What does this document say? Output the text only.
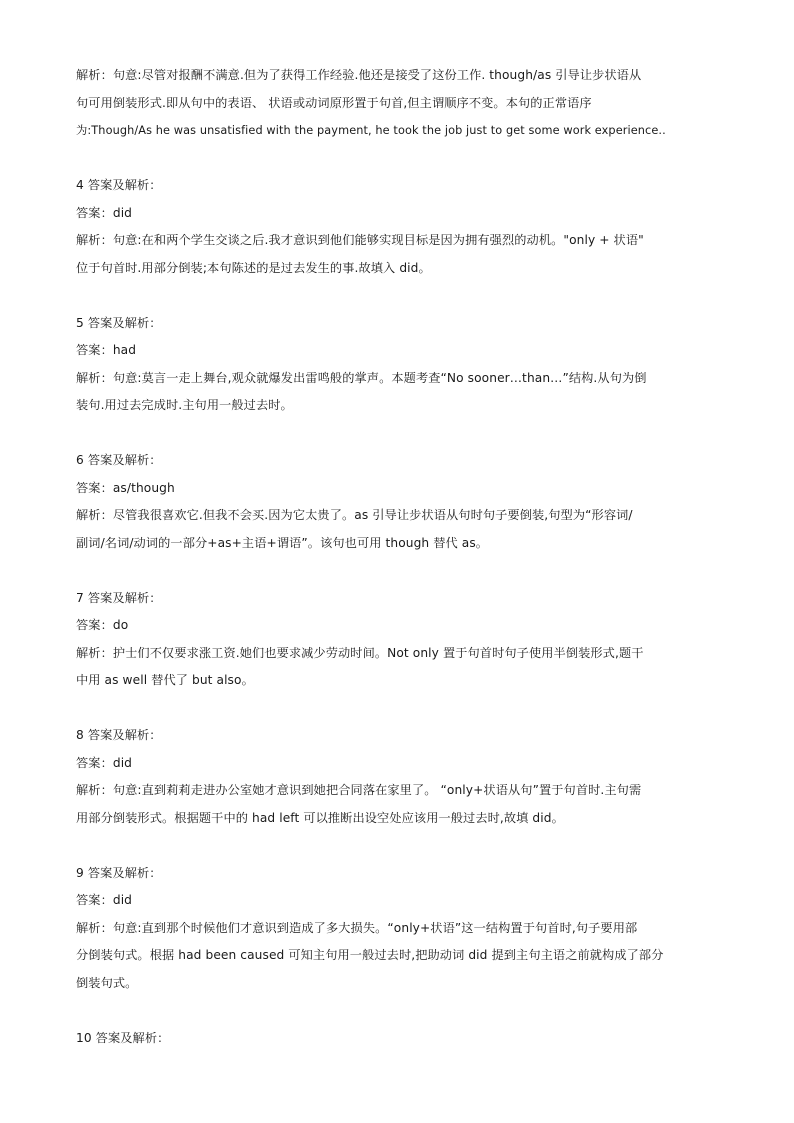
解析：句意:尽管对报酬不满意.但为了获得工作经验.他还是接受了这份工作. though/as 引导让步状语从
句可用倒装形式.即从句中的表语、 状语或动词原形置于句首,但主谓顺序不变。本句的正常语序
为:Though/As he was unsatisfied with the payment, he took the job just to get some work experience..
4 答案及解析：
答案：did
解析：句意:在和两个学生交谈之后.我才意识到他们能够实现目标是因为拥有强烈的动机。"only + 状语"
位于句首时.用部分倒装;本句陈述的是过去发生的事.故填入 did。
5 答案及解析：
答案：had
解析：句意:莫言一走上舞台,观众就爆发出雷鸣般的掌声。本题考查“No sooner…than…”结构.从句为倒
装句.用过去完成时.主句用一般过去时。
6 答案及解析：
答案：as/though
解析：尽管我很喜欢它.但我不会买.因为它太贵了。as 引导让步状语从句时句子要倒装,句型为“形容词/
副词/名词/动词的一部分+as+主语+谓语”。该句也可用 though 替代 as。
7 答案及解析：
答案：do
解析：护士们不仅要求涨工资.她们也要求减少劳动时间。Not only 置于句首时句子使用半倒装形式,题干
中用 as well 替代了 but also。
8 答案及解析：
答案：did
解析：句意:直到莉莉走进办公室她才意识到她把合同落在家里了。 “only+状语从句”置于句首时.主句需
用部分倒装形式。根据题干中的 had left 可以推断出设空处应该用一般过去时,故填 did。
9 答案及解析：
答案：did
解析：句意:直到那个时候他们才意识到造成了多大损失。“only+状语”这一结构置于句首时,句子要用部
分倒装句式。根据 had been caused 可知主句用一般过去时,把助动词 did 提到主句主语之前就构成了部分
倒装句式。
10 答案及解析：
